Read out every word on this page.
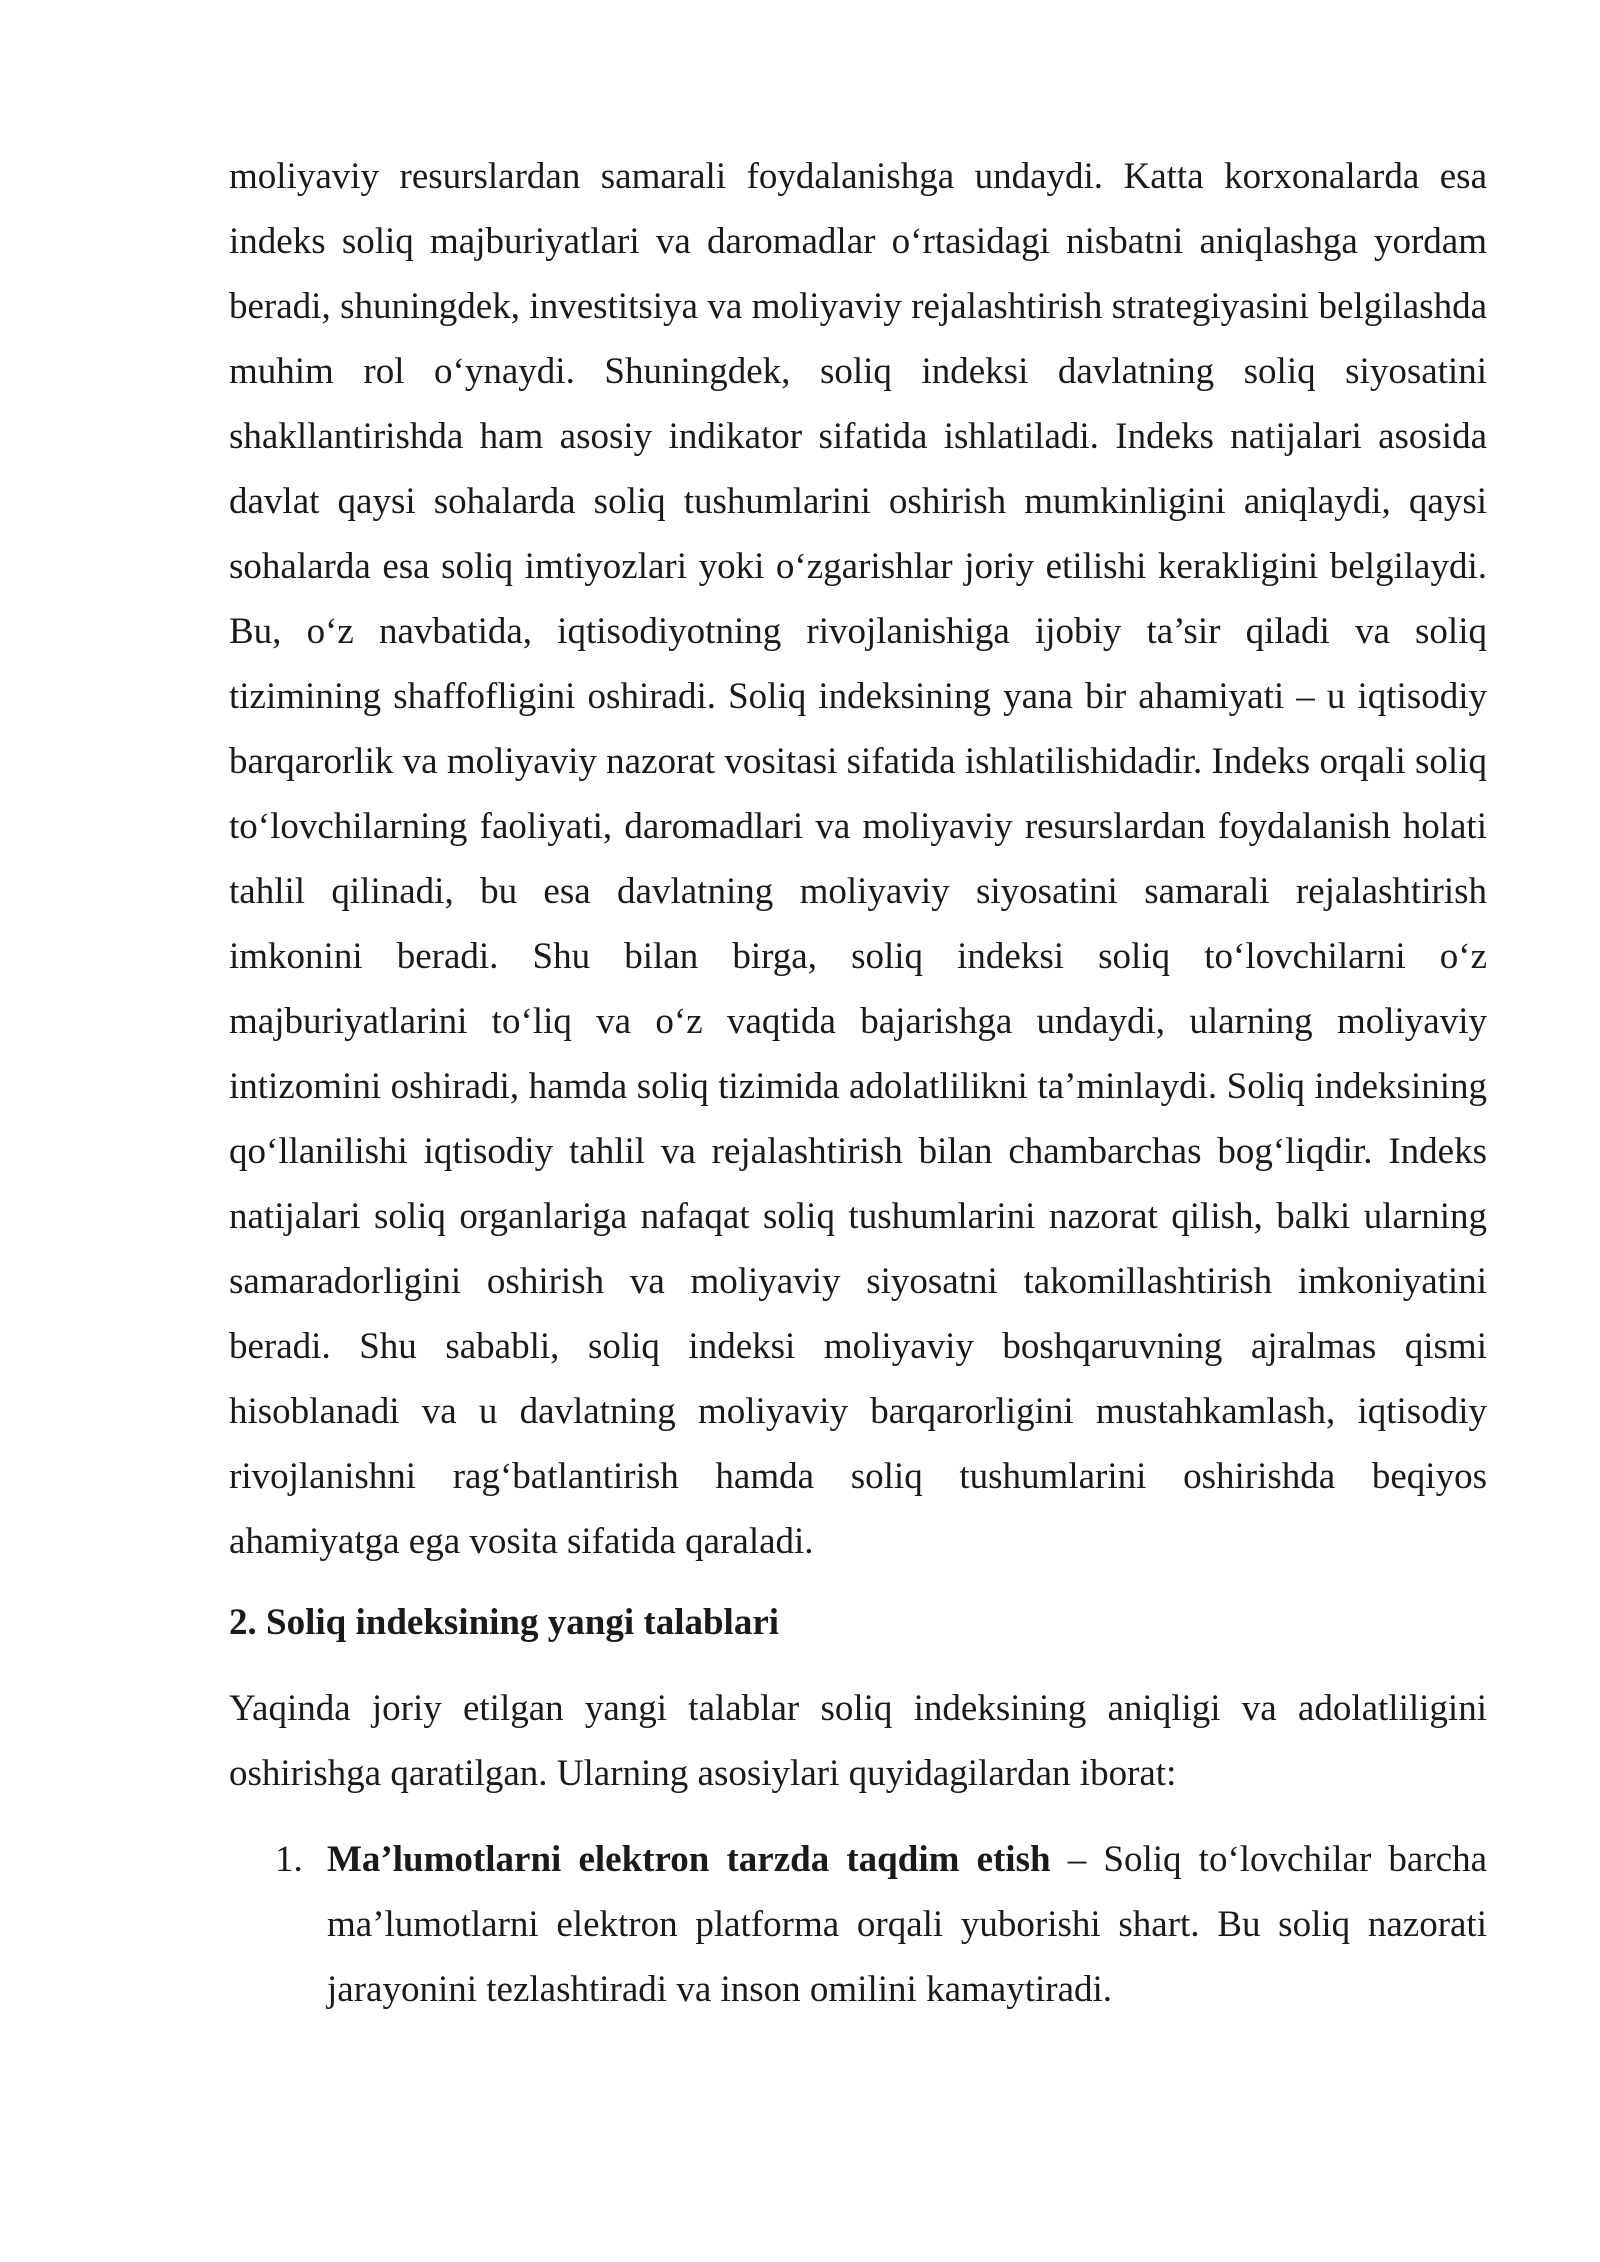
moliyaviy resurslardan samarali foydalanishga undaydi. Katta korxonalarda esa indeks soliq majburiyatlari va daromadlar o‘rtasidagi nisbatni aniqlashga yordam beradi, shuningdek, investitsiya va moliyaviy rejalashtirish strategiyasini belgilashda muhim rol o‘ynaydi. Shuningdek, soliq indeksi davlatning soliq siyosatini shakllantirishda ham asosiy indikator sifatida ishlatiladi. Indeks natijalari asosida davlat qaysi sohalarda soliq tushumlarini oshirish mumkinligini aniqlaydi, qaysi sohalarda esa soliq imtiyozlari yoki o‘zgarishlar joriy etilishi kerakligini belgilaydi. Bu, o‘z navbatida, iqtisodiyotning rivojlanishiga ijobiy ta’sir qiladi va soliq tizimining shaffofligini oshiradi. Soliq indeksining yana bir ahamiyati – u iqtisodiy barqarorlik va moliyaviy nazorat vositasi sifatida ishlatilishidadir. Indeks orqali soliq to‘lovchilarning faoliyati, daromadlari va moliyaviy resurslardan foydalanish holati tahlil qilinadi, bu esa davlatning moliyaviy siyosatini samarali rejalashtirish imkonini beradi. Shu bilan birga, soliq indeksi soliq to‘lovchilarni o‘z majburiyatlarini to‘liq va o‘z vaqtida bajarishga undaydi, ularning moliyaviy intizomini oshiradi, hamda soliq tizimida adolatlilikni ta’minlaydi. Soliq indeksining qo‘llanilishi iqtisodiy tahlil va rejalashtirish bilan chambarchas bog‘liqdir. Indeks natijalari soliq organlariga nafaqat soliq tushumlarini nazorat qilish, balki ularning samaradorligini oshirish va moliyaviy siyosatni takomillashtirish imkoniyatini beradi. Shu sababli, soliq indeksi moliyaviy boshqaruvning ajralmas qismi hisoblanadi va u davlatning moliyaviy barqarorligini mustahkamlash, iqtisodiy rivojlanishni rag‘batlantirish hamda soliq tushumlarini oshirishda beqiyos ahamiyatga ega vosita sifatida qaraladi.

2. Soliq indeksining yangi talablari

Yaqinda joriy etilgan yangi talablar soliq indeksining aniqligi va adolatliligini oshirishga qaratilgan. Ularning asosiylari quyidagilardan iborat:

1. Ma’lumotlarni elektron tarzda taqdim etish – Soliq to‘lovchilar barcha ma’lumotlarni elektron platforma orqali yuborishi shart. Bu soliq nazorati jarayonini tezlashtiradi va inson omilini kamaytiradi.
